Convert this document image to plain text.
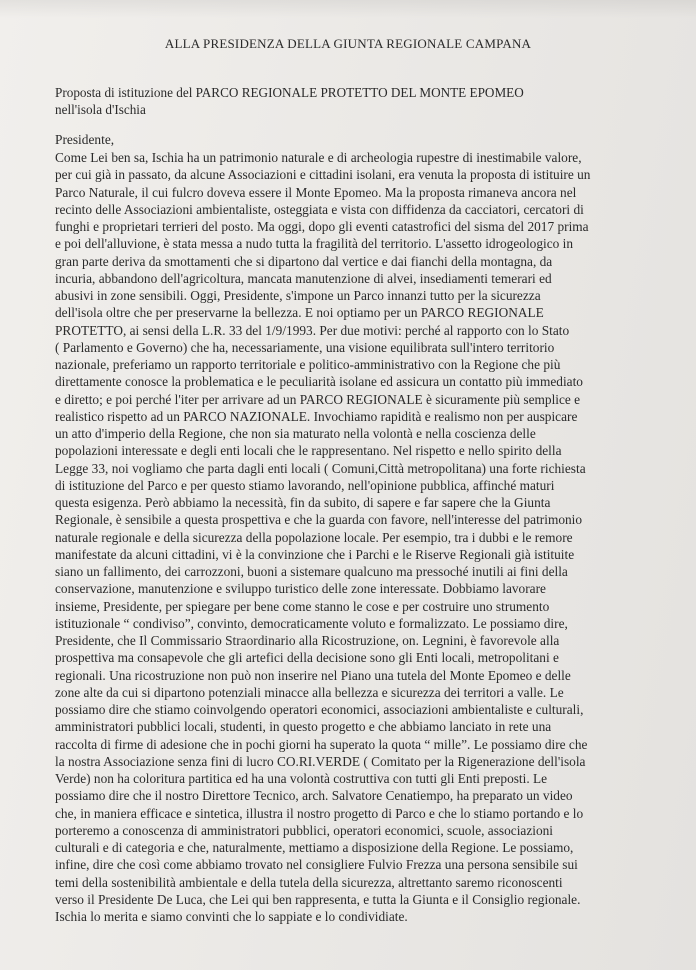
ALLA PRESIDENZA DELLA GIUNTA REGIONALE CAMPANA
Proposta di istituzione del PARCO REGIONALE PROTETTO DEL MONTE EPOMEO
nell'isola d'Ischia
Presidente,
Come Lei ben sa, Ischia ha un patrimonio naturale e di archeologia rupestre di inestimabile valore,
per cui già in passato, da alcune Associazioni e cittadini isolani, era venuta la proposta di istituire un
Parco Naturale, il cui fulcro doveva essere il Monte Epomeo. Ma la proposta rimaneva ancora nel
recinto delle Associazioni ambientaliste, osteggiata e vista con diffidenza da cacciatori, cercatori di
funghi e proprietari terrieri del posto. Ma oggi, dopo gli eventi catastrofici del sisma del 2017 prima
e poi dell'alluvione, è stata messa a nudo tutta la fragilità del territorio. L'assetto idrogeologico in
gran parte deriva da smottamenti che si dipartono dal vertice e dai fianchi della montagna, da
incuria, abbandono dell'agricoltura, mancata manutenzione di alvei, insediamenti temerari ed
abusivi in zone sensibili. Oggi, Presidente, s'impone un Parco innanzi tutto per la sicurezza
dell'isola oltre che per preservarne la bellezza. E noi optiamo per un PARCO REGIONALE
PROTETTO, ai sensi della L.R. 33 del 1/9/1993. Per due motivi: perché al rapporto con lo Stato
( Parlamento e Governo) che ha, necessariamente, una visione equilibrata sull'intero territorio
nazionale, preferiamo un rapporto territoriale e politico-amministrativo con la Regione che più
direttamente conosce la problematica e le peculiarità isolane ed assicura un contatto più immediato
e diretto; e poi perché l'iter per arrivare ad un PARCO REGIONALE è sicuramente più semplice e
realistico rispetto ad un PARCO NAZIONALE. Invochiamo rapidità e realismo non per auspicare
un atto d'imperio della Regione, che non sia maturato nella volontà e nella coscienza delle
popolazioni interessate e degli enti locali che le rappresentano. Nel rispetto e nello spirito della
Legge 33, noi vogliamo che parta dagli enti locali ( Comuni,Città metropolitana) una forte richiesta
di istituzione del Parco e per questo stiamo lavorando, nell'opinione pubblica, affinché maturi
questa esigenza. Però abbiamo la necessità, fin da subito, di sapere e far sapere che la Giunta
Regionale, è sensibile a questa prospettiva e che la guarda con favore, nell'interesse del patrimonio
naturale regionale e della sicurezza della popolazione locale. Per esempio, tra i dubbi e le remore
manifestate da alcuni cittadini, vi è la convinzione che i Parchi e le Riserve Regionali già istituite
siano un fallimento, dei carrozzoni, buoni a sistemare qualcuno ma pressoché inutili ai fini della
conservazione, manutenzione e sviluppo turistico delle zone interessate. Dobbiamo lavorare
insieme, Presidente, per spiegare per bene come stanno le cose e per costruire uno strumento
istituzionale “ condiviso”, convinto, democraticamente voluto e formalizzato. Le possiamo dire,
Presidente, che Il Commissario Straordinario alla Ricostruzione, on. Legnini, è favorevole alla
prospettiva ma consapevole che gli artefici della decisione sono gli Enti locali, metropolitani e
regionali. Una ricostruzione non può non inserire nel Piano una tutela del Monte Epomeo e delle
zone alte da cui si dipartono potenziali minacce alla bellezza e sicurezza dei territori a valle. Le
possiamo dire che stiamo coinvolgendo operatori economici, associazioni ambientaliste e culturali,
amministratori pubblici locali, studenti, in questo progetto e che abbiamo lanciato in rete una
raccolta di firme di adesione che in pochi giorni ha superato la quota “ mille”. Le possiamo dire che
la nostra Associazione senza fini di lucro CO.RI.VERDE ( Comitato per la Rigenerazione dell'isola
Verde) non ha coloritura partitica ed ha una volontà costruttiva con tutti gli Enti preposti. Le
possiamo dire che il nostro Direttore Tecnico, arch. Salvatore Cenatiempo, ha preparato un video
che, in maniera efficace e sintetica, illustra il nostro progetto di Parco e che lo stiamo portando e lo
porteremo a conoscenza di amministratori pubblici, operatori economici, scuole, associazioni
culturali e di categoria e che, naturalmente, mettiamo a disposizione della Regione. Le possiamo,
infine, dire che così come abbiamo trovato nel consigliere Fulvio Frezza una persona sensibile sui
temi della sostenibilità ambientale e della tutela della sicurezza, altrettanto saremo riconoscenti
verso il Presidente De Luca, che Lei qui ben rappresenta, e tutta la Giunta e il Consiglio regionale.
Ischia lo merita e siamo convinti che lo sappiate e lo condividiate.
